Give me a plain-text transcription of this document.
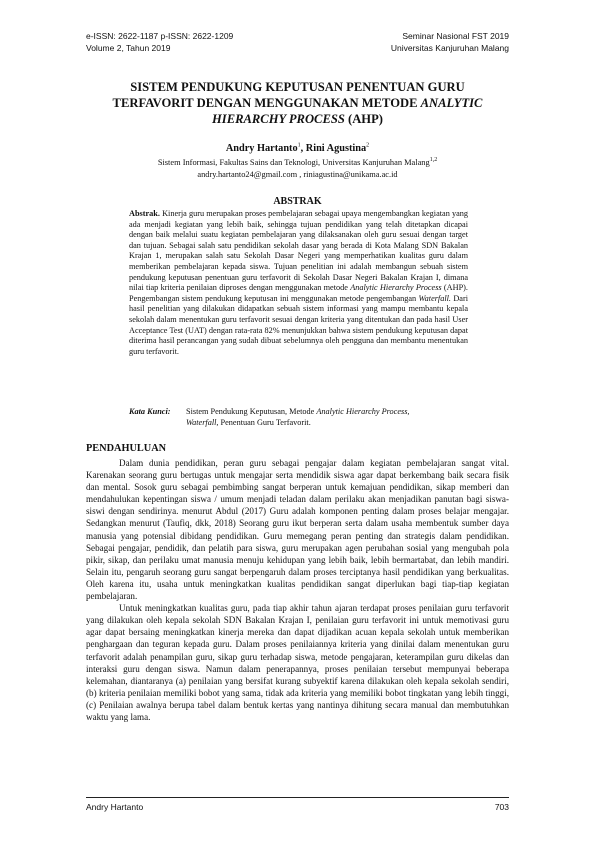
e-ISSN: 2622-1187 p-ISSN: 2622-1209
Volume 2, Tahun 2019
Seminar Nasional FST 2019
Universitas Kanjuruhan Malang
SISTEM PENDUKUNG KEPUTUSAN PENENTUAN GURU
TERFAVORIT DENGAN MENGGUNAKAN METODE ANALYTIC
HIERARCHY PROCESS (AHP)
Andry Hartanto$^1$, Rini Agustina$^2$
Sistem Informasi, Fakultas Sains dan Teknologi, Universitas Kanjuruhan Malang$^{1,2}$
andry.hartanto24@gmail.com , riniagustina@unikama.ac.id
ABSTRAK
Abstrak. Kinerja guru merupakan proses pembelajaran sebagai upaya mengembangkan kegiatan yang ada menjadi kegiatan yang lebih baik, sehingga tujuan pendidikan yang telah ditetapkan dicapai dengan baik melalui suatu kegiatan pembelajaran yang dilaksanakan oleh guru sesuai dengan target dan tujuan. Sebagai salah satu pendidikan sekolah dasar yang berada di Kota Malang SDN Bakalan Krajan 1, merupakan salah satu Sekolah Dasar Negeri yang memperhatikan kualitas guru dalam memberikan pembelajaran kepada siswa. Tujuan penelitian ini adalah membangun sebuah sistem pendukung keputusan penentuan guru terfavorit di Sekolah Dasar Negeri Bakalan Krajan I, dimana nilai tiap kriteria penilaian diproses dengan menggunakan metode Analytic Hierarchy Process (AHP). Pengembangan sistem pendukung keputusan ini menggunakan metode pengembangan Waterfall. Dari hasil penelitian yang dilakukan didapatkan sebuah sistem informasi yang mampu membantu kepala sekolah dalam menentukan guru terfavorit sesuai dengan kriteria yang ditentukan dan pada hasil User Acceptance Test (UAT) dengan rata-rata 82% menunjukkan bahwa sistem pendukung keputusan dapat diterima hasil perancangan yang sudah dibuat sebelumnya oleh pengguna dan membantu menentukan guru terfavorit.
Kata Kunci:	Sistem Pendukung Keputusan, Metode Analytic Hierarchy Process,
Waterfall, Penentuan Guru Terfavorit.
PENDAHULUAN

Dalam dunia pendidikan, peran guru sebagai pengajar dalam kegiatan pembelajaran sangat vital. Karenakan seorang guru bertugas untuk mengajar serta mendidik siswa agar dapat berkembang baik secara fisik dan mental. Sosok guru sebagai pembimbing sangat berperan untuk kemajuan pendidikan, sikap memberi dan mendahulukan kepentingan siswa / umum menjadi teladan dalam perilaku akan menjadikan panutan bagi siswa-siswi dengan sendirinya. menurut Abdul (2017) Guru adalah komponen penting dalam proses belajar mengajar. Sedangkan menurut (Taufiq, dkk, 2018) Seorang guru ikut berperan serta dalam usaha membentuk sumber daya manusia yang potensial dibidang pendidikan. Guru memegang peran penting dan strategis dalam pendidikan. Sebagai pengajar, pendidik, dan pelatih para siswa, guru merupakan agen perubahan sosial yang mengubah pola pikir, sikap, dan perilaku umat manusia menuju kehidupan yang lebih baik, lebih bermartabat, dan lebih mandiri. Selain itu, pengaruh seorang guru sangat berpengaruh dalam proses terciptanya hasil pendidikan yang berkualitas. Oleh karena itu, usaha untuk meningkatkan kualitas pendidikan sangat diperlukan bagi tiap-tiap kegiatan pembelajaran.

Untuk meningkatkan kualitas guru, pada tiap akhir tahun ajaran terdapat proses penilaian guru terfavorit yang dilakukan oleh kepala sekolah SDN Bakalan Krajan I, penilaian guru terfavorit ini untuk memotivasi guru agar dapat bersaing meningkatkan kinerja mereka dan dapat dijadikan acuan kepala sekolah untuk memberikan penghargaan dan teguran kepada guru. Dalam proses penilaiannya kriteria yang dinilai dalam menentukan guru terfavorit adalah penampilan guru, sikap guru terhadap siswa, metode pengajaran, keterampilan guru dikelas dan interaksi guru dengan siswa. Namun dalam penerapannya, proses penilaian tersebut mempunyai beberapa kelemahan, diantaranya (a) penilaian yang bersifat kurang subyektif karena dilakukan oleh kepala sekolah sendiri, (b) kriteria penilaian memiliki bobot yang sama, tidak ada kriteria yang memiliki bobot tingkatan yang lebih tinggi, (c) Penilaian awalnya berupa tabel dalam bentuk kertas yang nantinya dihitung secara manual dan membutuhkan waktu yang lama.

Andry Hartanto	703
